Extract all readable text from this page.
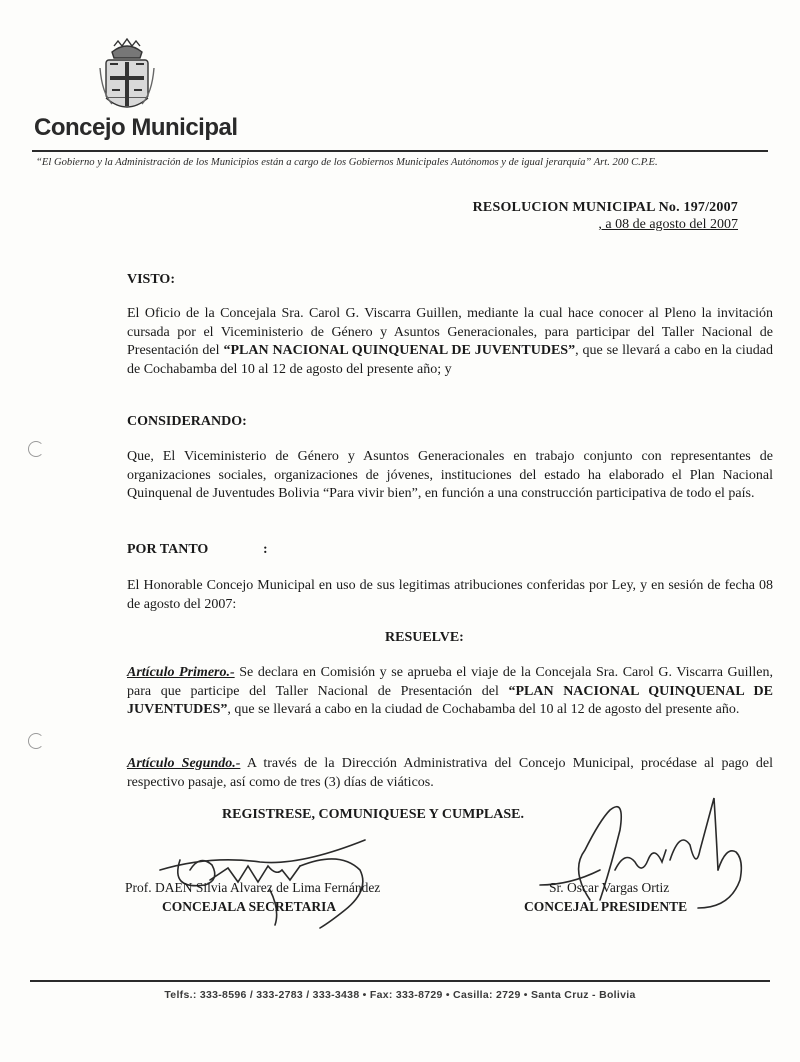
Concejo Municipal
“El Gobierno y la Administración de los Municipios están a cargo de los Gobiernos Municipales Autónomos y de igual jerarquía” Art. 200 C.P.E.
RESOLUCION MUNICIPAL No. 197/2007
, a 08 de agosto del 2007
VISTO:
El Oficio de la Concejala Sra. Carol G. Viscarra Guillen, mediante la cual hace conocer al Pleno la invitación cursada por el Viceministerio de Género y Asuntos Generacionales, para participar del Taller Nacional de Presentación del “PLAN NACIONAL QUINQUENAL DE JUVENTUDES”, que se llevará a cabo en la ciudad de Cochabamba del 10 al 12 de agosto del presente año; y
CONSIDERANDO:
Que, El Viceministerio de Género y Asuntos Generacionales en trabajo conjunto con representantes de organizaciones sociales, organizaciones de jóvenes, instituciones del estado ha elaborado el Plan Nacional Quinquenal de Juventudes Bolivia “Para vivir bien”, en función a una construcción participativa de todo el país.
POR TANTO	:
El Honorable Concejo Municipal en uso de sus legitimas atribuciones conferidas por Ley, y en sesión de fecha 08 de agosto del 2007:
RESUELVE:
Artículo Primero.- Se declara en Comisión y se aprueba el viaje de la Concejala Sra. Carol G. Viscarra Guillen, para que participe del Taller Nacional de Presentación del “PLAN NACIONAL QUINQUENAL DE JUVENTUDES”, que se llevará a cabo en la ciudad de Cochabamba del 10 al 12 de agosto del presente año.
Artículo Segundo.- A través de la Dirección Administrativa del Concejo Municipal, procédase al pago del respectivo pasaje, así como de tres (3) días de viáticos.
REGISTRESE, COMUNIQUESE Y CUMPLASE.
Prof. DAEN Silvia Alvarez de Lima Fernández
CONCEJALA SECRETARIA
Sr. Oscar Vargas Ortiz
CONCEJAL PRESIDENTE
Telfs.: 333-8596 / 333-2783 / 333-3438 • Fax: 333-8729 • Casilla: 2729 • Santa Cruz - Bolivia
